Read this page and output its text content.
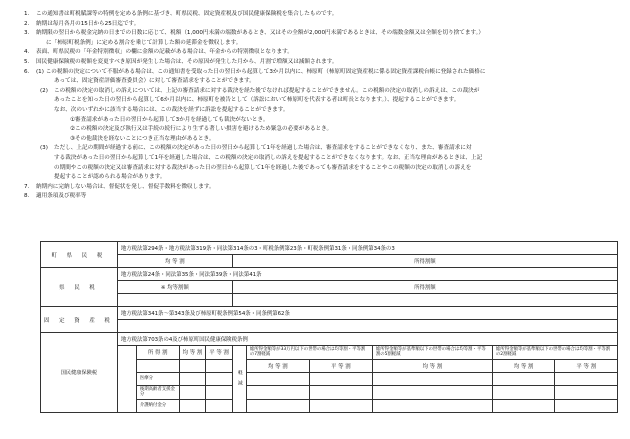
1. この通知書は町税賦課等の特例を定める条例に基づき、町県民税、固定資産税及び国民健康保険税を集合したものです。
2. 納期は毎月各月の15日から25日迄です。
3. 納期限の翌日から税金完納の日までの日数に応じて、税額（1,000円未満の端数があるとき、又はその全額が2,000円未満であるときは、その端数金額又は全額を切り捨てます。）
に「柿原町税条例」に定める割合を乗じて計算した額の延滞金を徴収します。
4. 表面、町県民税の「年金特別徴収」の欄に金額の記載がある場合は、年金からの特別徴収となります。
5. 国民健康保険税の税額を変更すべき原因が発生した場合は、その原因が発生した月から、月割で増額又は減額されます。
6. (1) この税額の決定について不服がある場合は、この通知書を受取った日の翌日から起算して3か月以内に、柿原町（柿原町固定資産税に係る固定資産課税台帳に登録された価格に
あっては、固定資産評価審査委員会）に対して審査請求をすることができます。
(2) この税額の決定の取消しの訴えについては、上記の審査請求に対する裁決を経た後でなければ提起することができません。この税額の決定の取消しの訴えは、この裁決が
あったことを知った日の翌日から起算して6か月以内に、柿原町を被告として（訴訟において柿原町を代表する者は町長となります。）、提起することができます。
なお、次のいずれかに該当する場合には、この裁決を経ずに訴訟を提起することができます。
①審査請求があった日の翌日から起算して3か月を経過しても裁決がないとき。
②この税額の決定及び執行又は手続の続行により生ずる著しい損害を避けるため緊急の必要があるとき。
③その他裁決を経ないことにつき正当な理由があるとき。
(3) ただし、上記の期間が経過する前に、この税額の決定があった日の翌日から起算して1年を経過した場合は、審査請求をすることができなくなり、また、審査請求に対
する裁決があった日の翌日から起算して1年を経過した場合は、この税額の決定の取消しの訴えを提起することができなくなります。なお、正当な理由があるときは、上記
の期間やこの税額の決定又は審査請求に対する裁決があった日の翌日から起算して1年を経過した後であっても審査請求をすることやこの税額の決定の取消しの訴えを
提起することが認められる場合があります。
7. 納期内に完納しない場合は、督促状を発し、督促手数料を徴収します。
8. 適用条項及び税率等
町 県 民 税	地方税法第294条・地方税法第319条・同法第314条の3・町税条例第23条・町税条例第31条・同条例第34条の3									
	均 等 割				所得割額					
県 民 税	地方税法第24条・同法第35条・同法第39条・同法第41条									
	※ 均等割額				所得割額					

固 定 資 産 税	地方税法第341条～第343条及び柿原町税条例第54条・同条例第62条									

国民健康保険税	地方税法第703条の4及び柿原町国民健康保険税条例									
		所 得 割	均 等 割	平 等 割	軽 減	総所得金額等が33万円以下の世帯の場合は均等割・平等割の7割軽減		総所得金額等が基準額以下の世帯の場合は均等割・平等割の5割軽減	総所得金額等が基準額以下の世帯の場合は均等割・平等割の2割軽減	
						均 等 割	平 等 割	均 等 割	均 等 割	平 等 割
		医療分								
		後期高齢者支援金分								
		介護納付金分								
